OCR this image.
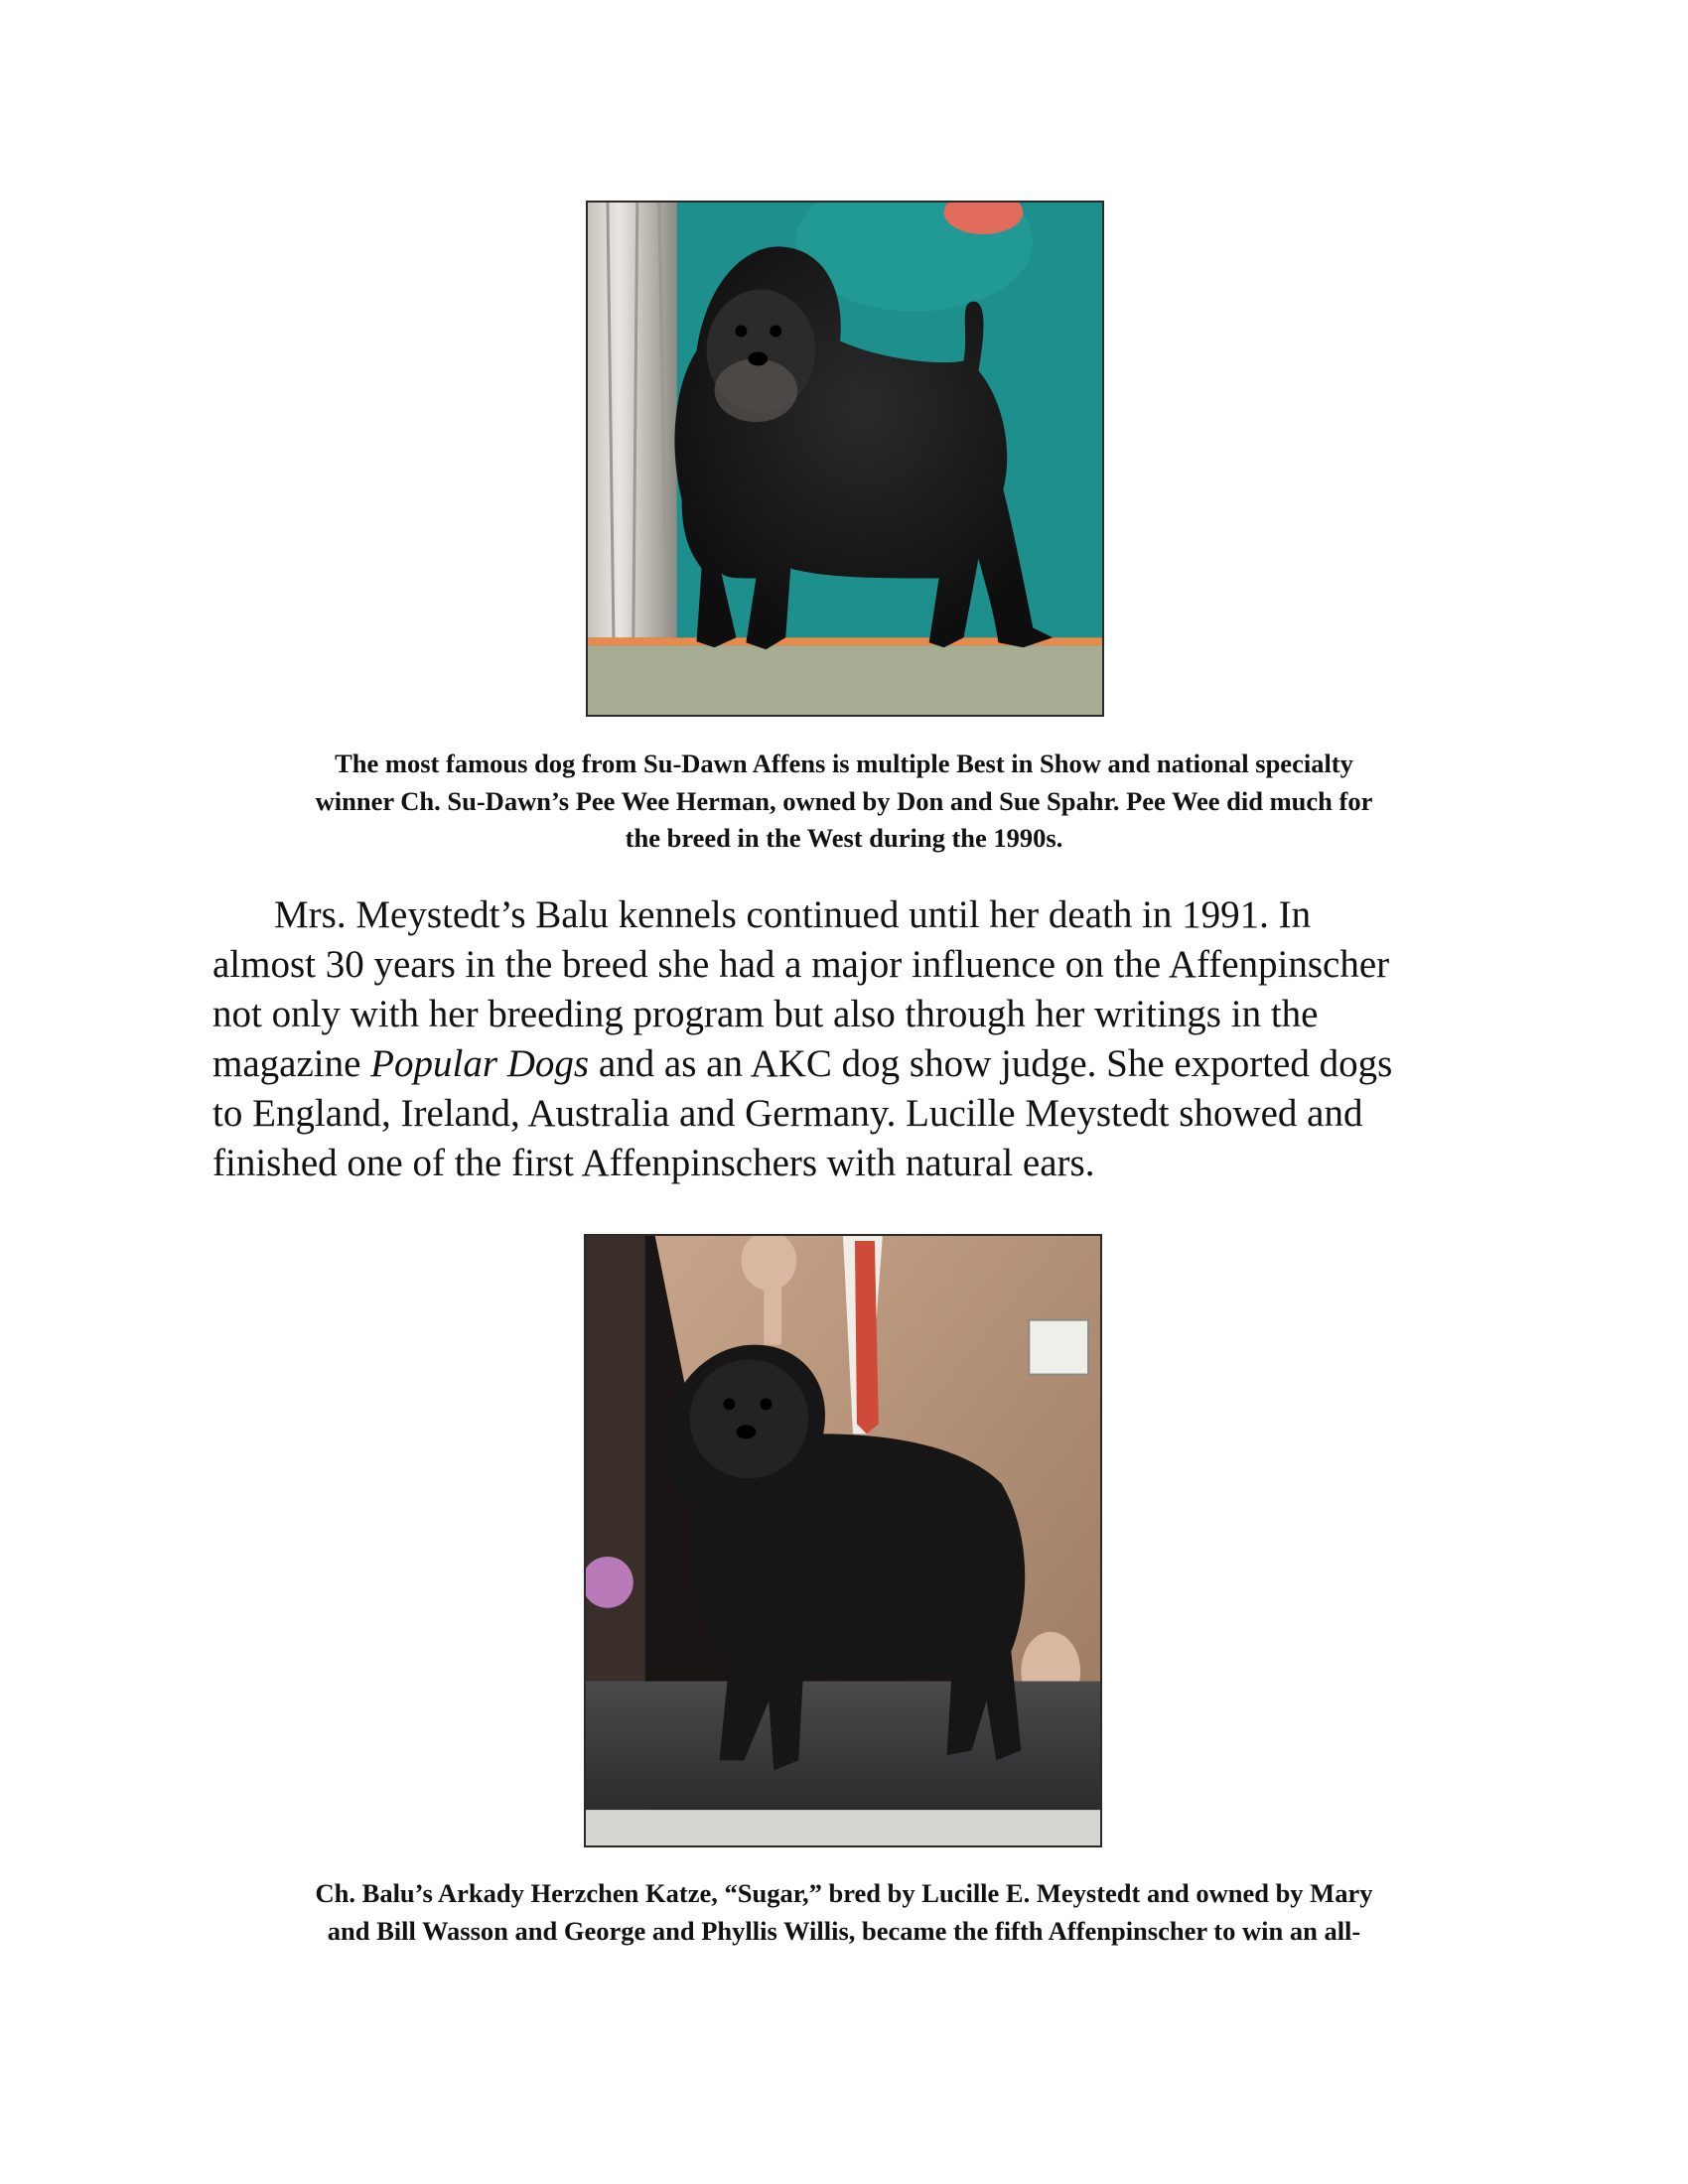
The most famous dog from Su-Dawn Affens is multiple Best in Show and national specialty
winner Ch. Su-Dawn’s Pee Wee Herman, owned by Don and Sue Spahr. Pee Wee did much for
the breed in the West during the 1990s.
Mrs. Meystedt’s Balu kennels continued until her death in 1991. In
almost 30 years in the breed she had a major influence on the Affenpinscher
not only with her breeding program but also through her writings in the
magazine Popular Dogs and as an AKC dog show judge. She exported dogs
to England, Ireland, Australia and Germany. Lucille Meystedt showed and
finished one of the first Affenpinschers with natural ears.
Ch. Balu’s Arkady Herzchen Katze, “Sugar,” bred by Lucille E. Meystedt and owned by Mary
and Bill Wasson and George and Phyllis Willis, became the fifth Affenpinscher to win an all-
